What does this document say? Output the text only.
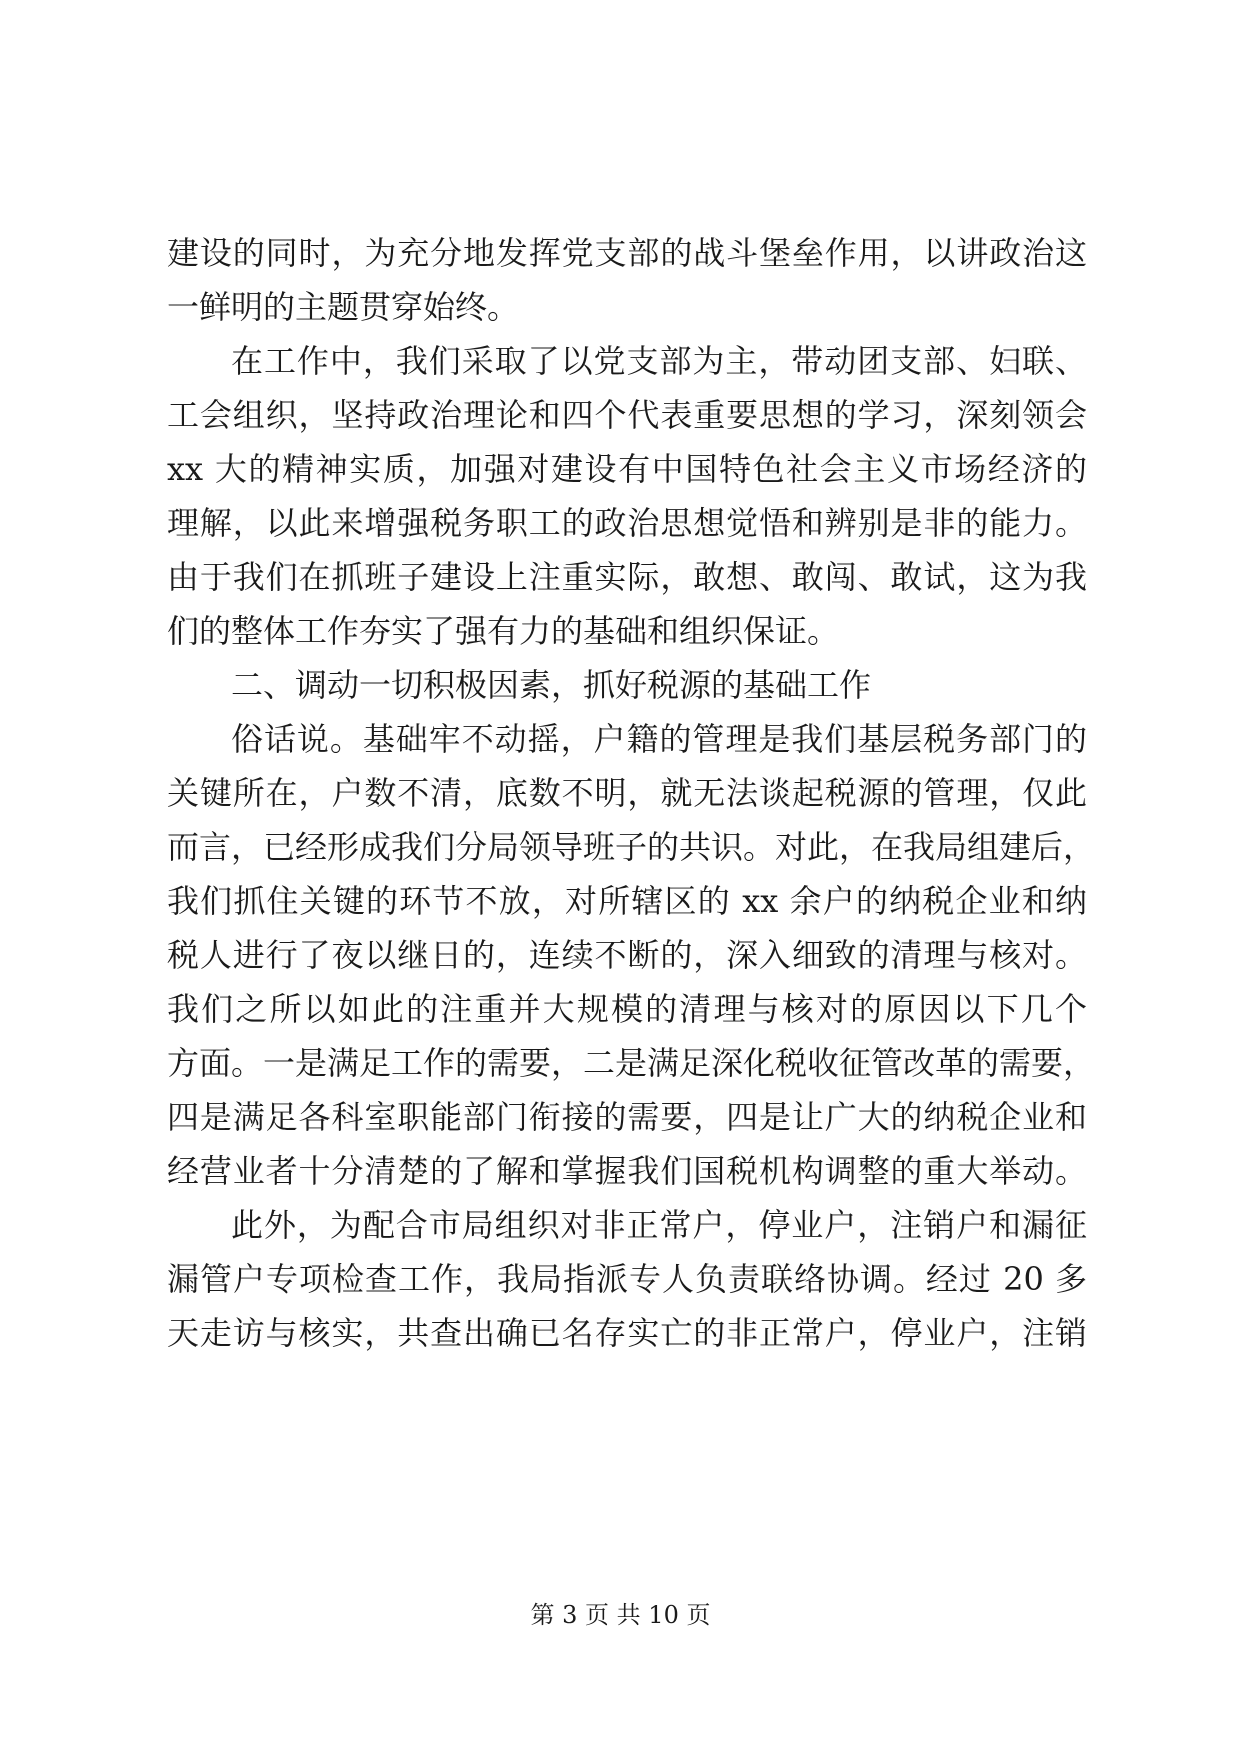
建设的同时，为充分地发挥党支部的战斗堡垒作用，以讲政治这
一鲜明的主题贯穿始终。
在工作中，我们采取了以党支部为主，带动团支部、妇联、
工会组织，坚持政治理论和四个代表重要思想的学习，深刻领会
xx 大的精神实质，加强对建设有中国特色社会主义市场经济的
理解，以此来增强税务职工的政治思想觉悟和辨别是非的能力。
由于我们在抓班子建设上注重实际，敢想、敢闯、敢试，这为我
们的整体工作夯实了强有力的基础和组织保证。
二、调动一切积极因素，抓好税源的基础工作
俗话说。基础牢不动摇，户籍的管理是我们基层税务部门的
关键所在，户数不清，底数不明，就无法谈起税源的管理，仅此
而言，已经形成我们分局领导班子的共识。对此，在我局组建后，
我们抓住关键的环节不放，对所辖区的 xx 余户的纳税企业和纳
税人进行了夜以继日的，连续不断的，深入细致的清理与核对。
我们之所以如此的注重并大规模的清理与核对的原因以下几个
方面。一是满足工作的需要，二是满足深化税收征管改革的需要，
四是满足各科室职能部门衔接的需要，四是让广大的纳税企业和
经营业者十分清楚的了解和掌握我们国税机构调整的重大举动。
此外，为配合市局组织对非正常户，停业户，注销户和漏征
漏管户专项检查工作，我局指派专人负责联络协调。经过 20 多
天走访与核实，共查出确已名存实亡的非正常户，停业户，注销
第 3 页 共 10 页
